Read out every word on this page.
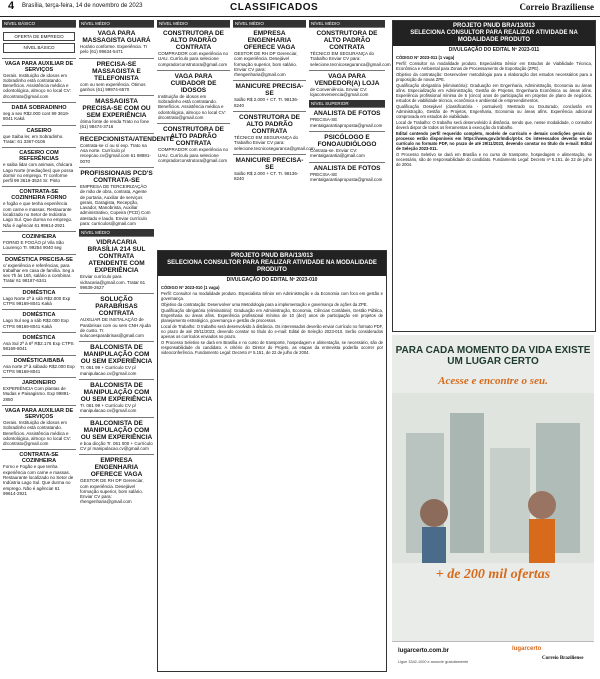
4 Brasília, terça-feira, 14 de novembro de 2023	CLASSIFICADOS	Correio Braziliense
NÍVEL BÁSICO
OFERTA DE EMPREGO
NÍVEL BÁSICO
VAGA PARA AUXILIAR DE SERVIÇOS
Gerais. Instituição de idosos em Sobradinho está contratando. Benefícios. Assistência médica e odontológica, almoço no local CV: drcontrato@gmail.com
DABÁ SOBRADINHO
seg a sex R$2.000 cont 99 3619-8041 Kaká
CASEIRO
que Saiba ler, em Sobradinho. Tratar: 61 3367-0106
CASEIRO COM REFERÊNCIAS
e saiba lidar com animais, chácara Lago Norte (mediações) que possa dormir no emprego. Tr conforme perfil 99 3619-3524 Sr. Pinto
CONTRATA-SE COZINHEIRA FORNO
e fogão e que tenha experiência com carne e massas. Restaurante localizado no Setor de Indústria Lago Sul. Que durma no emprego. Não é agência! 61 99614-2921
COZINHEIRA
FORNO E FOGÃO p/ Vila São Lourenço Tr. 99254 9040 seg
DOMÉSTICA PRECISA-SE
c/ experiência e referências, para trabalhar em casa de família. Seg a sex 7h às 16h, salário a combinar. Tratar 61 98187-6341
DOMÉSTICA
Lago Norte 2ª à sáb R$2.000 Exp CTPS 99169-8041 Kaká
DOMÉSTICA
Lago Sul seg a sáb R$2.000 Exp CTPS 99169-8041 Kaká
DOMÉSTICA
Asa Sul 2ª à 6ª R$2.176 Exp CTPS 98169-8041
DOMÉSTICA/BABÁ
Asa norte 2ª à sábado R$2.000 Exp CTPS 98169-8041
JARDINEIRO
EXPERIÊNCIA Com plantas de Mudas e Paisagismo. Exp 99891-2850
VAGA PARA AUXILIAR DE SERVIÇOS
Gerais. Instituição de idosos em Sobradinho está contratando. Benefícios. Assistência médica e odontológica, almoço no local CV: drcontrato@gmail.com
CONTRATA-SE COZINHEIRA
Forno e Fogão e que tenha experiência com carne e massas. Restaurante localizado no Setor de Indústria Lago Sul. Que durma no emprego. Não é agência! 61 99614-2921
NÍVEL MÉDIO
VAGA PARA MASSAGISTA GUARÁ
Horário conforme. Experiência. Tr pelo (61) 99634-5471
PRECISA-SE MASSAGISTA E TELEFONISTA
com ou sem experiência. Ótimos ganhos (61) 99974-6570
MASSAGISTA PRECISA-SE COM OU SEM EXPERIÊNCIA
ótima fonte de renda Trato no fone (61) 98474-3716
RECEPCIONISTA/ATENDENTE
Contrata-se c/ ou s/ exp. Trato na Asa norte. Currículo p/ recepcao.cv@gmail.com 61 98881-0070
PROFISSIONAIS PCD'S CONTRATA-SE
EMPRESA DE TERCEIRIZAÇÃO de mão de obra, contrata, Agente de portaria, Auxiliar de serviços gerais, Garagista, Recepção, Lavador, Manobrista, Auxiliar administrativo, Copeira (PCD) Com atestado e laudo. Enviar currículo para: curriculos@gmail.com
NÍVEL MÉDIO
VIDRACARIA BRASÍLIA 214 SUL CONTRATA ATENDENTE COM EXPERIÊNCIA
Enviar currículo para vidracaria@gmail.com. Tratar 61 99639-2627
SOLUÇÃO PARABRISAS CONTRATA
AUXILIAR DE INSTALAÇÃO de Parabrisas com ou sem CNH Ajuda de custo. Tr. solucoesparabrisas@gmail.com
BALCONISTA DE MANIPULAÇÃO COM OU SEM EXPERIÊNCIA
Tr. 061 99 + Currículo CV p/ manipulacao.cv@gmail.com
BALCONISTA DE MANIPULAÇÃO COM OU SEM EXPERIÊNCIA
Tr. 061 99 + Currículo CV p/ manipulacao.cv@gmail.com
BALCONISTA DE MANIPULAÇÃO COM OU SEM EXPERIÊNCIA
e boa dicção Tr. 061 000 + Currículo CV p/ manipulacao.cv@gmail.com
EMPRESA ENGENHARIA OFERECE VAGA
GESTOR DE RH DP Gerenciar, com experiência. Desejável formação superior, bom salário. Enviar CV para: rhengenharia@gmail.com
NÍVEL MÉDIO
CONSTRUTORA DE ALTO PADRÃO CONTRATA
COMPRADOR com experiência no UAU. Currículo para selecione compradorconstrutora@gmail.com
VAGA PARA CUIDADOR DE IDOSOS
Instituição de idosos em Sobradinho está contratando. Benefícios. Assistência médica e odontológica, almoço no local CV: drcontrato@gmail.com
CONSTRUTORA DE ALTO PADRÃO CONTRATA
COMPRADOR com experiência no UAU. Currículo para selecione compradorconstrutora@gmail.com
NÍVEL MÉDIO
EMPRESA ENGENHARIA OFERECE VAGA
GESTOR DE RH DP Gerenciar, com experiência. Desejável formação superior, bom salário. Enviar CV para: rhengenharia@gmail.com
MANICURE PRECISA-SE
Salão R$ 2.000 + CT. Tr. 98136-8240
CONSTRUTORA DE ALTO PADRÃO CONTRATA
TÉCNICO EM SEGURANÇA do Trabalho Enviar CV para: selecione.tecnicoseguranca@gmail.com
MANICURE PRECISA-SE
Salão R$ 2.000 + CT. Tr. 98136-8240
NÍVEL MÉDIO
CONSTRUTORA DE ALTO PADRÃO CONTRATA
TÉCNICO EM SEGURANÇA do Trabalho Enviar CV para: selecione.tecnicoseguranca@gmail.com
VAGA PARA VENDEDOR(A) LOJA
de Conveniência. Enviar CV: lojaconveniencia@gmail.com
NÍVEL SUPERIOR
ANALISTA DE FOTOS
PRECISA-SE mentalgarantiaproposta@gmail.com
PSICÓLOGO E FONOAUDIÓLOGO
Contrata-se. Enviar CV: mentalgarantia@gmail.com
ANALISTA DE FOTOS
PRECISA-SE mentalgarantiaproposta@gmail.com
PROJETO PNUD BRA/13/013
SELECIONA CONSULTOR PARA REALIZAR ATIVIDADE NA MODALIDADE PRODUTO
DIVULGAÇÃO DO EDITAL Nº 2023-010

CÓDIGO Nº 2023-010 (1 vaga)

Perfil: Consultor na modalidade produto. Especialista Sênior em Administração e da Economia com foco em gestão e governança.

Objetivo da contratação: Desenvolver uma Metodologia para a implementação e governança de ações da ZPE.

Qualificação obrigatória (eliminatória): Graduação em Administração, Economia, Ciências Contábeis, Gestão Pública, Engenharia ou áreas afins. Experiência profissional mínima de 10 (dez) anos de participação em projetos de planejamento estratégico, governança e gestão de processos.

Local de Trabalho: O trabalho será desenvolvido à distância. Os interessados deverão enviar currículo no formato PDF, no prazo de até 29/11/2023, devendo constar no título do e-mail: Edital de Seleção 2023-010. Serão considerados apenas os currículos enviados no prazo.

O Processo Seletivo se dará em Brasília e no curso de transporte, hospedagem e alimentação, se necessário, são de responsabilidade do candidato. A critério do Diretor do Projeto, as etapas da entrevista poderão ocorrer por videoconferência. Fundamento Legal: Decreto nº 5.151, de 22 de julho de 2004.

PROJETO PNUD BRA/13/013
SELECIONA CONSULTOR PARA REALIZAR ATIVIDADE NA MODALIDADE PRODUTO
DIVULGAÇÃO DO EDITAL Nº 2023-011

CÓDIGO Nº 2023-011 (1 vaga)

Perfil: Consultor na modalidade produto. Especialista Sênior em Estudos de Viabilidade Técnica, Econômica e Ambiental para Zonas de Processamento de Exportação (ZPE).

Objetivo da contratação: Desenvolver metodologia para a elaboração dos estudos necessários para a proposição de novas ZPE.

Qualificação obrigatória (eliminatória): Graduação em Engenharia, Administração, Economia ou áreas afins. Especialização em Administração, Gestão de Projetos, Engenharia Econômica ou áreas afins. Experiência profissional mínima de 5 (cinco) anos de participação em projetos de plano de negócios, estudos de viabilidade técnica, econômica e ambiental de empreendimentos.

Qualificação Desejável (classificatória - pontuável): Mestrado ou Doutorado, conclusão em Administração, Gestão de Projetos, Engenharia, Economia ou áreas afins. Experiência adicional comprovada em estudos de viabilidade.

Local de Trabalho: O trabalho será desenvolvido à distância, sendo que, nesse modalidade, o consultor deverá dispor de todos os ferramentas à execução do trabalho.

Edital contendo perfil requerido completo, modelo de currículo e demais condições gerais do processo estão disponíveis em https://www.gov.br/mdic/pt-br. Os interessados deverão enviar currículo no formato PDF, no prazo de até 29/11/2023, devendo constar no título do e-mail: Edital de Seleção 2023-011.

O Processo Seletivo se dará em Brasília e no curso de transporte, hospedagem e alimentação, se necessário, são de responsabilidade do candidato. Fundamento Legal: Decreto nº 5.151, de 22 de julho de 2004.

PARA CADA MOMENTO DA VIDA EXISTE UM LUGAR CERTO
Acesse e encontre o seu.
+ de 200 mil ofertas
lugarcerto.com.br	lugarcerto
Correio Braziliense
Ligue 3342-1000 e anuncie gratuitamente
